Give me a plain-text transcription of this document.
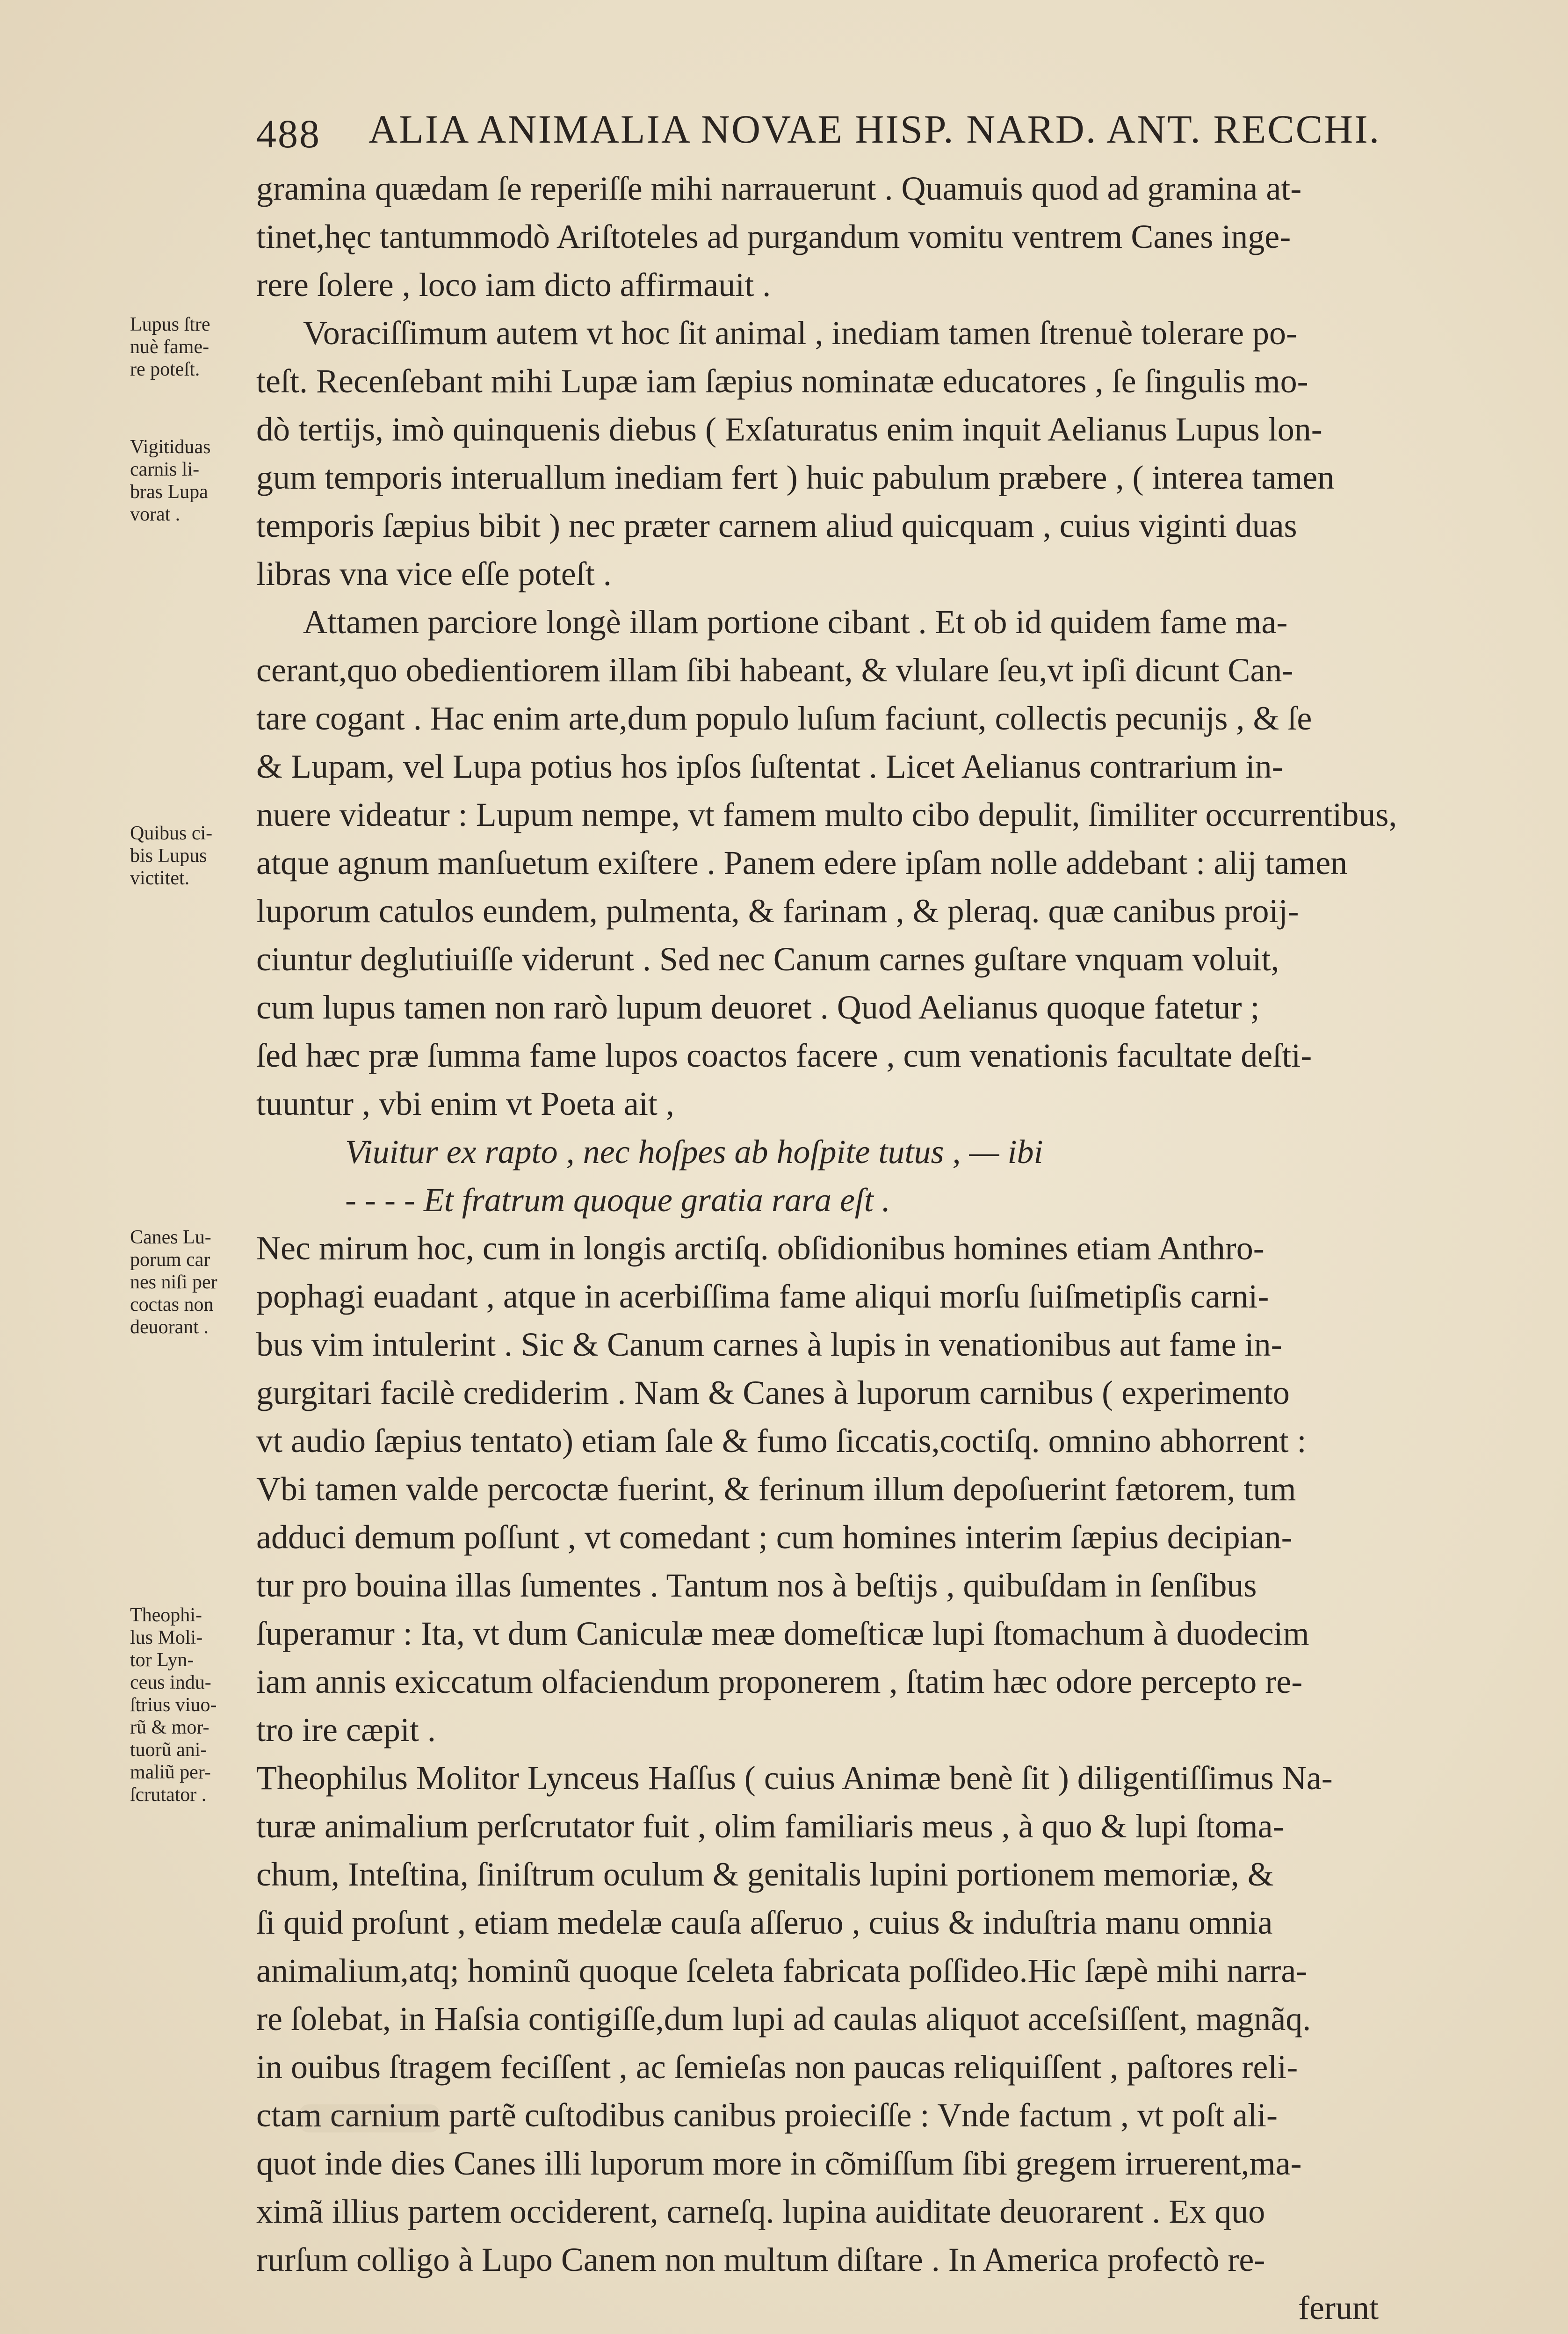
488 ALIA ANIMALIA NOVAE HISP. NARD. ANT. RECCHI.
Lupus ſtre
nuè fame-
re poteſt.
Vigitiduas
carnis li-
bras Lupa
vorat .
Quibus ci-
bis Lupus
victitet.
Canes Lu-
porum car
nes niſi per
coctas non
deuorant .
Theophi-
lus Moli-
tor Lyn-
ceus indu-
ſtrius viuo-
rũ & mor-
tuorũ ani-
maliũ per-
ſcrutator .
gramina quædam ſe reperiſſe mihi narrauerunt . Quamuis quod ad gramina at-
tinet,hęc tantummodò Ariſtoteles ad purgandum vomitu ventrem Canes inge-
rere ſolere , loco iam dicto affirmauit .
Voraciſſimum autem vt hoc ſit animal , inediam tamen ſtrenuè tolerare po-
teſt. Recenſebant mihi Lupæ iam ſæpius nominatæ educatores , ſe ſingulis mo-
dò tertijs, imò quinquenis diebus ( Exſaturatus enim inquit Aelianus Lupus lon-
gum temporis interuallum inediam fert ) huic pabulum præbere , ( interea tamen
temporis ſæpius bibit ) nec præter carnem aliud quicquam , cuius viginti duas
libras vna vice eſſe poteſt .
Attamen parciore longè illam portione cibant . Et ob id quidem fame ma-
cerant,quo obedientiorem illam ſibi habeant, & vlulare ſeu,vt ipſi dicunt Can-
tare cogant . Hac enim arte,dum populo luſum faciunt, collectis pecunijs , & ſe
& Lupam, vel Lupa potius hos ipſos ſuſtentat . Licet Aelianus contrarium in-
nuere videatur : Lupum nempe, vt famem multo cibo depulit, ſimiliter occurrentibus,
atque agnum manſuetum exiſtere . Panem edere ipſam nolle addebant : alij tamen
luporum catulos eundem, pulmenta, & farinam , & pleraq. quæ canibus proij-
ciuntur deglutiuiſſe viderunt . Sed nec Canum carnes guſtare vnquam voluit,
cum lupus tamen non rarò lupum deuoret . Quod Aelianus quoque fatetur ;
ſed hæc præ ſumma fame lupos coactos facere , cum venationis facultate deſti-
tuuntur , vbi enim vt Poeta ait ,
Viuitur ex rapto , nec hoſpes ab hoſpite tutus , — ibi
- - - - Et fratrum quoque gratia rara eſt .
Nec mirum hoc, cum in longis arctiſq. obſidionibus homines etiam Anthro-
pophagi euadant , atque in acerbiſſima fame aliqui morſu ſuiſmetipſis carni-
bus vim intulerint . Sic & Canum carnes à lupis in venationibus aut fame in-
gurgitari facilè crediderim . Nam & Canes à luporum carnibus ( experimento
vt audio ſæpius tentato) etiam ſale & fumo ſiccatis,coctiſq. omnino abhorrent :
Vbi tamen valde percoctæ fuerint, & ferinum illum depoſuerint fætorem, tum
adduci demum poſſunt , vt comedant ; cum homines interim ſæpius decipian-
tur pro bouina illas ſumentes . Tantum nos à beſtijs , quibuſdam in ſenſibus
ſuperamur : Ita, vt dum Caniculæ meæ domeſticæ lupi ſtomachum à duodecim
iam annis exiccatum olfaciendum proponerem , ſtatim hæc odore percepto re-
tro ire cæpit .
Theophilus Molitor Lynceus Haſſus ( cuius Animæ benè ſit ) diligentiſſimus Na-
turæ animalium perſcrutator fuit , olim familiaris meus , à quo & lupi ſtoma-
chum, Inteſtina, ſiniſtrum oculum & genitalis lupini portionem memoriæ, &
ſi quid proſunt , etiam medelæ cauſa aſſeruo , cuius & induſtria manu omnia
animalium,atq; hominũ quoque ſceleta fabricata poſſideo.Hic ſæpè mihi narra-
re ſolebat, in Haſsia contigiſſe,dum lupi ad caulas aliquot acceſsiſſent, magnãq.
in ouibus ſtragem feciſſent , ac ſemieſas non paucas reliquiſſent , paſtores reli-
ctam carnium partẽ cuſtodibus canibus proieciſſe : Vnde factum , vt poſt ali-
quot inde dies Canes illi luporum more in cõmiſſum ſibi gregem irruerent,ma-
ximã illius partem occiderent, carneſq. lupina auiditate deuorarent . Ex quo
rurſum colligo à Lupo Canem non multum diſtare . In America profectò re-
ferunt
